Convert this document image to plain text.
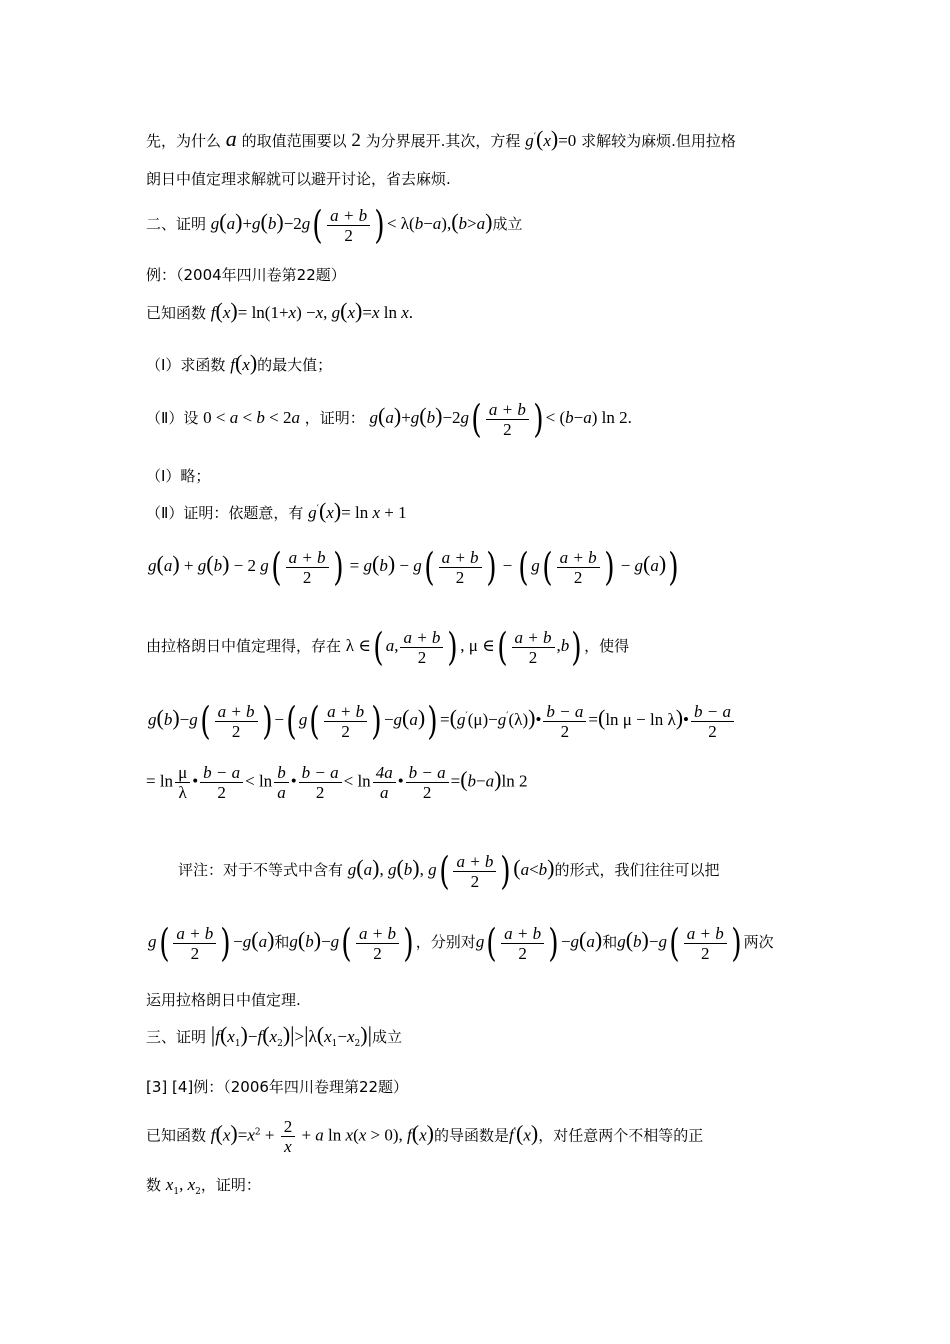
先，为什么 a 的取值范围要以 2 为分界展开.其次，方程 g′(x)=0 求解较为麻烦.但用拉格
朗日中值定理求解就可以避开讨论，省去麻烦.
二、证明 $g(a)+g(b)-2g( \frac{a + b}{2}$ ) < λ(b−a),(b>a)成立
例：（2004年四川卷第22题）
已知函数 f(x)= ln(1+x) −x, g(x)=x ln x.
（Ⅰ）求函数 f(x)的最大值；
（Ⅱ）设 0 < a < b < 2a ，证明： $g(a)+g(b)-2g( \frac{a + b}{2}$ ) < (b−a) ln 2.
（Ⅰ）略；
（Ⅱ）证明：依题意，有 g′(x)= ln x + 1
g(a) + g(b) − 2 $g( \frac{a + b}{2}$ ) = $g(b) - g( \frac{a + b}{2}$ ) − ( $g( \frac{a + b}{2}$ ) − g(a))
由拉格朗日中值定理得，存在 λ ∈( a, $\frac{a + b}{2}$ ) , μ ∈( $\frac{a + b}{2} ,b$) ，使得
$g(b)-g( \frac{a + b}{2}$ ) −( $g( \frac{a + b}{2}$ ) −g(a)) =(g′(μ)−g′(λ))• $\frac{b - a}{2} =(\ln$ μ − ln λ)• $\frac{b - a}{2}$
= $\ln \frac{\mu}{\lambda}$ • $\frac{b - a}{2} < \ln \frac{b}{a}$ • $\frac{b - a}{2} < \ln \frac{4a}{a}$ • $\frac{b - a}{2} =(b-a)\ln$ 2
评注：对于不等式中含有 g(a), g(b), $g( \frac{a + b}{2}$ ) (a<b)的形式，我们往往可以把
$g( \frac{a + b}{2}$ ) −g(a)和$g(b)-g( \frac{a + b}{2}$ ) ，分别对$g( \frac{a + b}{2}$ ) −g(a)和$g(b)-g( \frac{a + b}{2}$ ) 两次
运用拉格朗日中值定理.
三、证明 $|f(x_1)-f(x_2)|>|\lambda(x_1-x_2)|$成立
[3] [4]例：（2006年四川卷理第22题）
已知函数 $f(x)=x^2 + \frac{2}{x} + a$ ln x(x > 0), f(x)的导函数是f′(x)，对任意两个不相等的正
数 $x_1$, $x_2$，证明：
